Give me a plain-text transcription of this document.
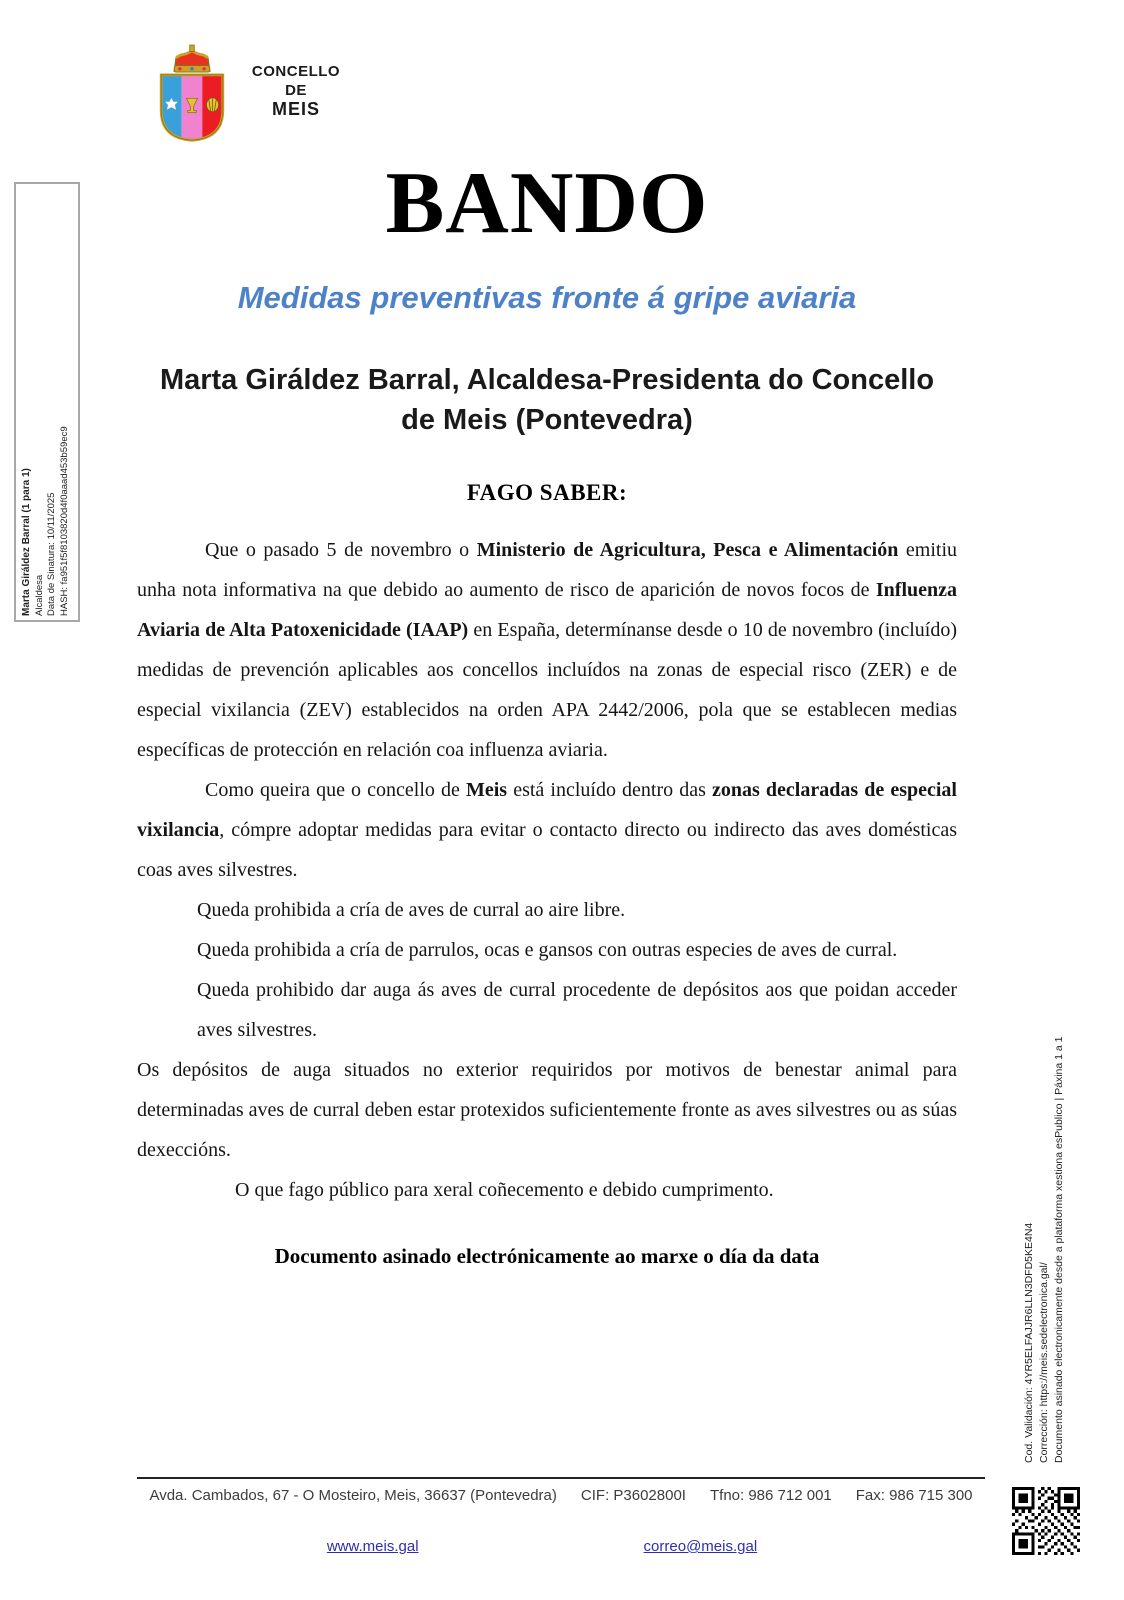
CONCELLO
DE
MEIS
BANDO
Medidas preventivas fronte á gripe aviaria
Marta Giráldez Barral, Alcaldesa-Presidenta do Concello de Meis (Pontevedra)
FAGO SABER:

Que o pasado 5 de novembro o Ministerio de Agricultura, Pesca e Alimentación emitiu unha nota informativa na que debido ao aumento de risco de aparición de novos focos de Influenza Aviaria de Alta Patoxenicidade (IAAP) en España, determínanse desde o 10 de novembro (incluído) medidas de prevención aplicables aos concellos incluídos na zonas de especial risco (ZER) e de especial vixilancia (ZEV) establecidos na orden APA 2442/2006, pola que se establecen medias específicas de protección en relación coa influenza aviaria.

Como queira que o concello de Meis está incluído dentro das zonas declaradas de especial vixilancia, cómpre adoptar medidas para evitar o contacto directo ou indirecto das aves domésticas coas aves silvestres.

Queda prohibida a cría de aves de curral ao aire libre.

Queda prohibida a cría de parrulos, ocas e gansos con outras especies de aves de curral.

Queda prohibido dar auga ás aves de curral procedente de depósitos aos que poidan acceder aves silvestres.

Os depósitos de auga situados no exterior requiridos por motivos de benestar animal para determinadas aves de curral deben estar protexidos suficientemente fronte as aves silvestres ou as súas dexeccións.

O que fago público para xeral coñecemento e debido cumprimento.

Documento asinado electrónicamente ao marxe o día da data
Marta Giráldez Barral (1 para 1) Alcaldesa Data de Sinatura: 10/11/2025 HASH: fa951f5f8103820d4f0aaad453b59ec9
Cod. Validación: 4YR5ELFAJJR6LLN3DFD5KE4N4 Corrección: https://meis.sedelectronica.gal/ Documento asinado electronicamente desde a plataforma xestiona esPublico | Páxina 1 a 1
Avda. Cambados, 67 - O Mosteiro, Meis, 36637 (Pontevedra) CIF: P3602800I Tfno: 986 712 001 Fax: 986 715 300
www.meis.gal	correo@meis.gal
